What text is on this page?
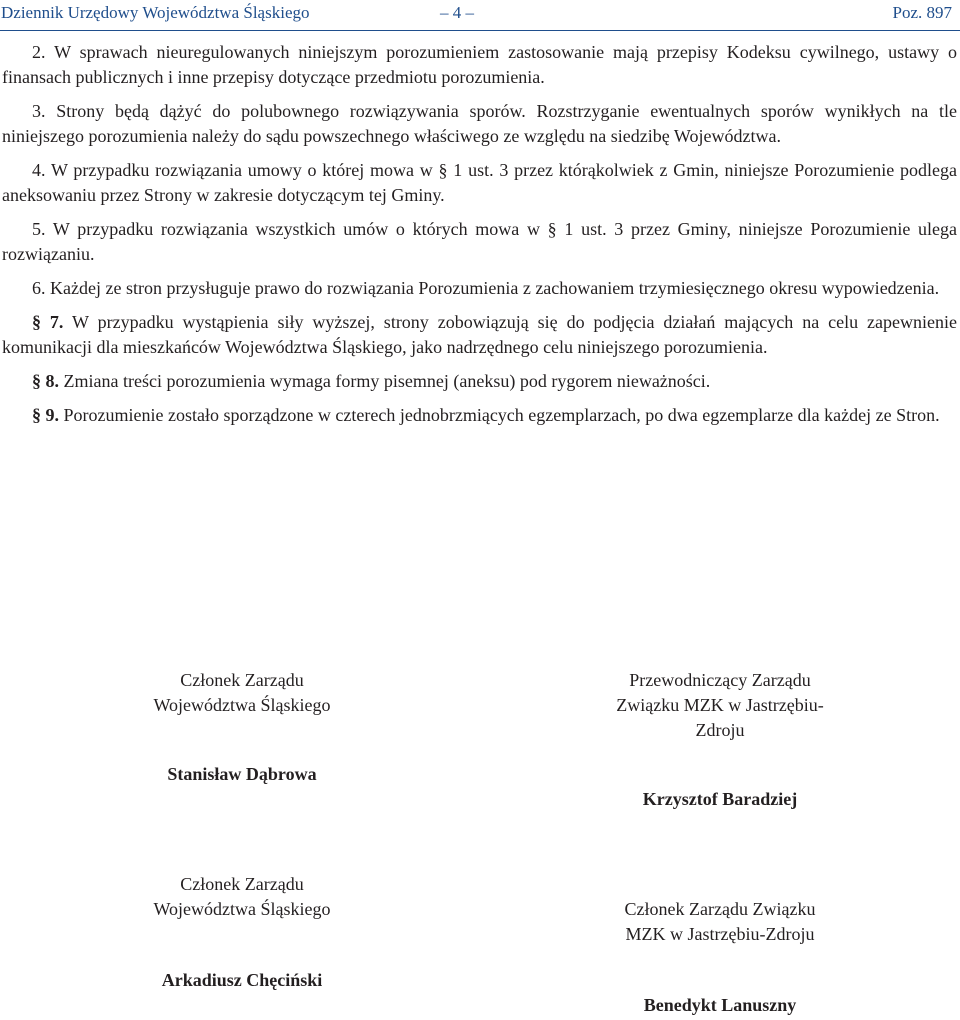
Dziennik Urzędowy Województwa Śląskiego	– 4 –	Poz. 897

2. W sprawach nieuregulowanych niniejszym porozumieniem zastosowanie mają przepisy Kodeksu cywilnego, ustawy o finansach publicznych i inne przepisy dotyczące przedmiotu porozumienia.

3. Strony będą dążyć do polubownego rozwiązywania sporów. Rozstrzyganie ewentualnych sporów wynikłych na tle niniejszego porozumienia należy do sądu powszechnego właściwego ze względu na siedzibę Województwa.

4. W przypadku rozwiązania umowy o której mowa w § 1 ust. 3 przez którąkolwiek z Gmin, niniejsze Porozumienie podlega aneksowaniu przez Strony w zakresie dotyczącym tej Gminy.

5. W przypadku rozwiązania wszystkich umów o których mowa w § 1 ust. 3 przez Gminy, niniejsze Porozumienie ulega rozwiązaniu.

6. Każdej ze stron przysługuje prawo do rozwiązania Porozumienia z zachowaniem trzymiesięcznego okresu wypowiedzenia.

§ 7. W przypadku wystąpienia siły wyższej, strony zobowiązują się do podjęcia działań mających na celu zapewnienie komunikacji dla mieszkańców Województwa Śląskiego, jako nadrzędnego celu niniejszego porozumienia.

§ 8. Zmiana treści porozumienia wymaga formy pisemnej (aneksu) pod rygorem nieważności.

§ 9. Porozumienie zostało sporządzone w czterech jednobrzmiących egzemplarzach, po dwa egzemplarze dla każdej ze Stron.

Członek Zarządu
Województwa Śląskiego
Stanisław Dąbrowa
Przewodniczący Zarządu
Związku MZK w Jastrzębiu-
Zdroju
Krzysztof Baradziej
Członek Zarządu
Województwa Śląskiego
Arkadiusz Chęciński
Członek Zarządu Związku
MZK w Jastrzębiu-Zdroju
Benedykt Lanuszny
